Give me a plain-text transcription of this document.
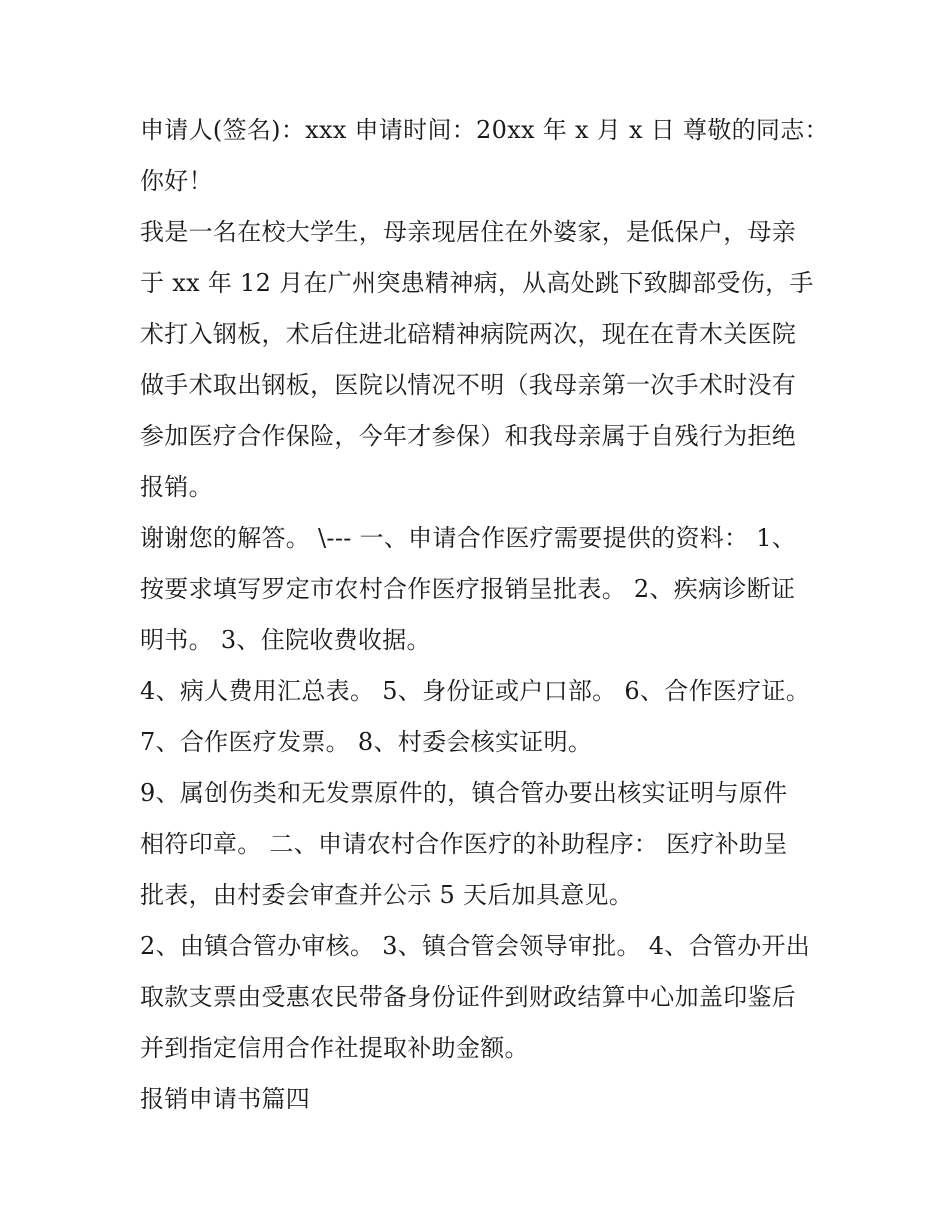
申请人(签名)：xxx 申请时间：20xx 年 x 月 x 日 尊敬的同志：
你好！
我是一名在校大学生，母亲现居住在外婆家，是低保户，母亲
于 xx 年 12 月在广州突患精神病，从高处跳下致脚部受伤，手
术打入钢板，术后住进北碚精神病院两次，现在在青木关医院
做手术取出钢板，医院以情况不明（我母亲第一次手术时没有
参加医疗合作保险，今年才参保）和我母亲属于自残行为拒绝
报销。
谢谢您的解答。 \--- 一、申请合作医疗需要提供的资料： 1、
按要求填写罗定市农村合作医疗报销呈批表。 2、疾病诊断证
明书。 3、住院收费收据。
4、病人费用汇总表。 5、身份证或户口部。 6、合作医疗证。
7、合作医疗发票。 8、村委会核实证明。
9、属创伤类和无发票原件的，镇合管办要出核实证明与原件
相符印章。 二、申请农村合作医疗的补助程序： 医疗补助呈
批表，由村委会审查并公示 5 天后加具意见。
2、由镇合管办审核。 3、镇合管会领导审批。 4、合管办开出
取款支票由受惠农民带备身份证件到财政结算中心加盖印鉴后
并到指定信用合作社提取补助金额。
报销申请书篇四
